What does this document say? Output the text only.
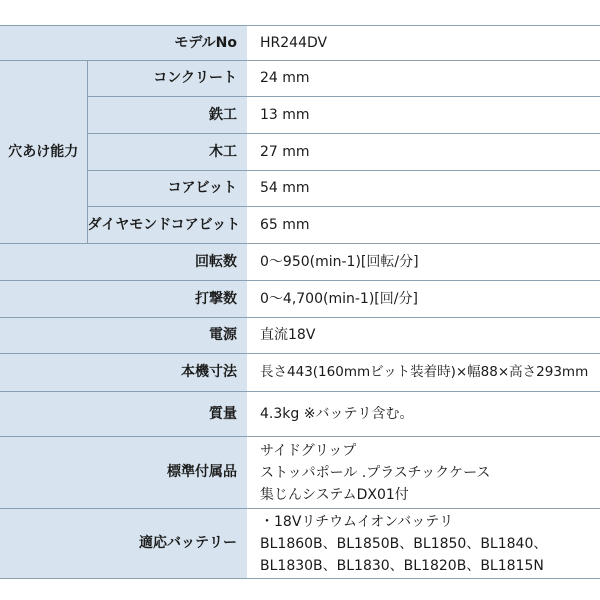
モデルNo		HR244DV
穴あけ能力	コンクリート	24 mm
	鉄工	13 mm
	木工	27 mm
	コアビット	54 mm
	ダイヤモンドコアビット	65 mm
回転数		0〜950(min-1)[回転/分]
打撃数		0〜4,700(min-1)[回/分]
電源		直流18V
本機寸法		長さ443(160mmビット装着時)×幅88×高さ293mm
質量		4.3kg ※バッテリ含む。
標準付属品		サイドグリップ
ストッパポール .プラスチックケース
集じんシステムDX01付

適応バッテリー		・18Vリチウムイオンバッテリ
BL1860B、BL1850B、BL1850、BL1840、
BL1830B、BL1830、BL1820B、BL1815N
